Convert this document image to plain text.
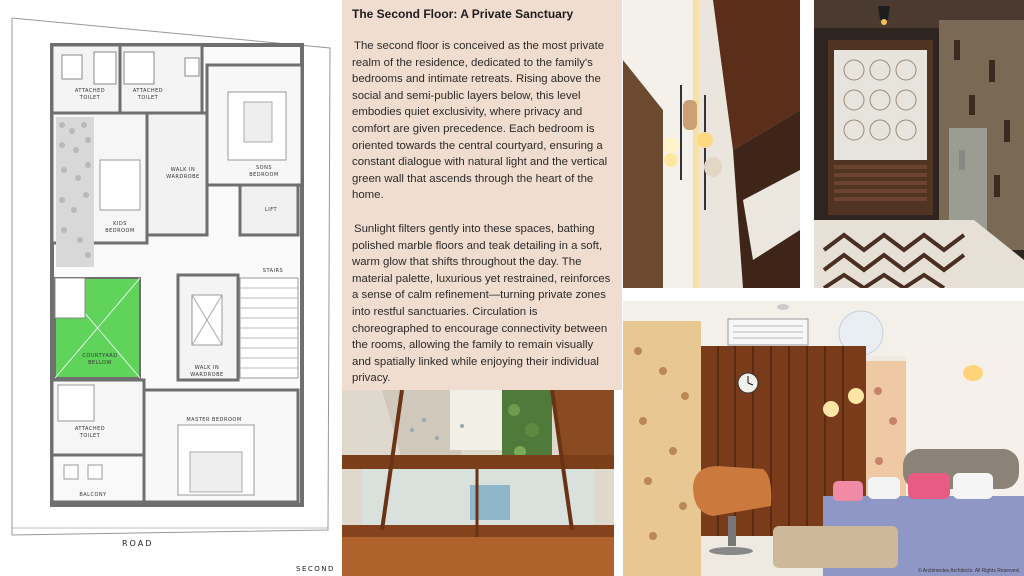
ATTACHED
TOILET
ATTACHED
TOILET
WALK IN
WARDROBE
SONS
BEDROOM
KIDS
BEDROOM
LIFT
STAIRS
COURTYARD
BELLOW
WALK IN
WARDROBE
MASTER BEDROOM
ATTACHED
TOILET
BALCONY
ROAD
SECOND
The Second Floor: A Private Sanctuary
The second floor is conceived as the most private realm of the residence, dedicated to the family's bedrooms and intimate retreats. Rising above the social and semi-public layers below, this level embodies quiet exclusivity, where privacy and comfort are given precedence. Each bedroom is oriented towards the central courtyard, ensuring a constant dialogue with natural light and the vertical green wall that ascends through the heart of the home.
Sunlight filters gently into these spaces, bathing polished marble floors and teak detailing in a soft, warm glow that shifts throughout the day. The material palette, luxurious yet restrained, reinforces a sense of calm refinement—turning private zones into restful sanctuaries. Circulation is choreographed to encourage connectivity between the rooms, allowing the family to remain visually and spatially linked while enjoying their individual privacy.
© Archimedes Architects. All Rights Reserved.
